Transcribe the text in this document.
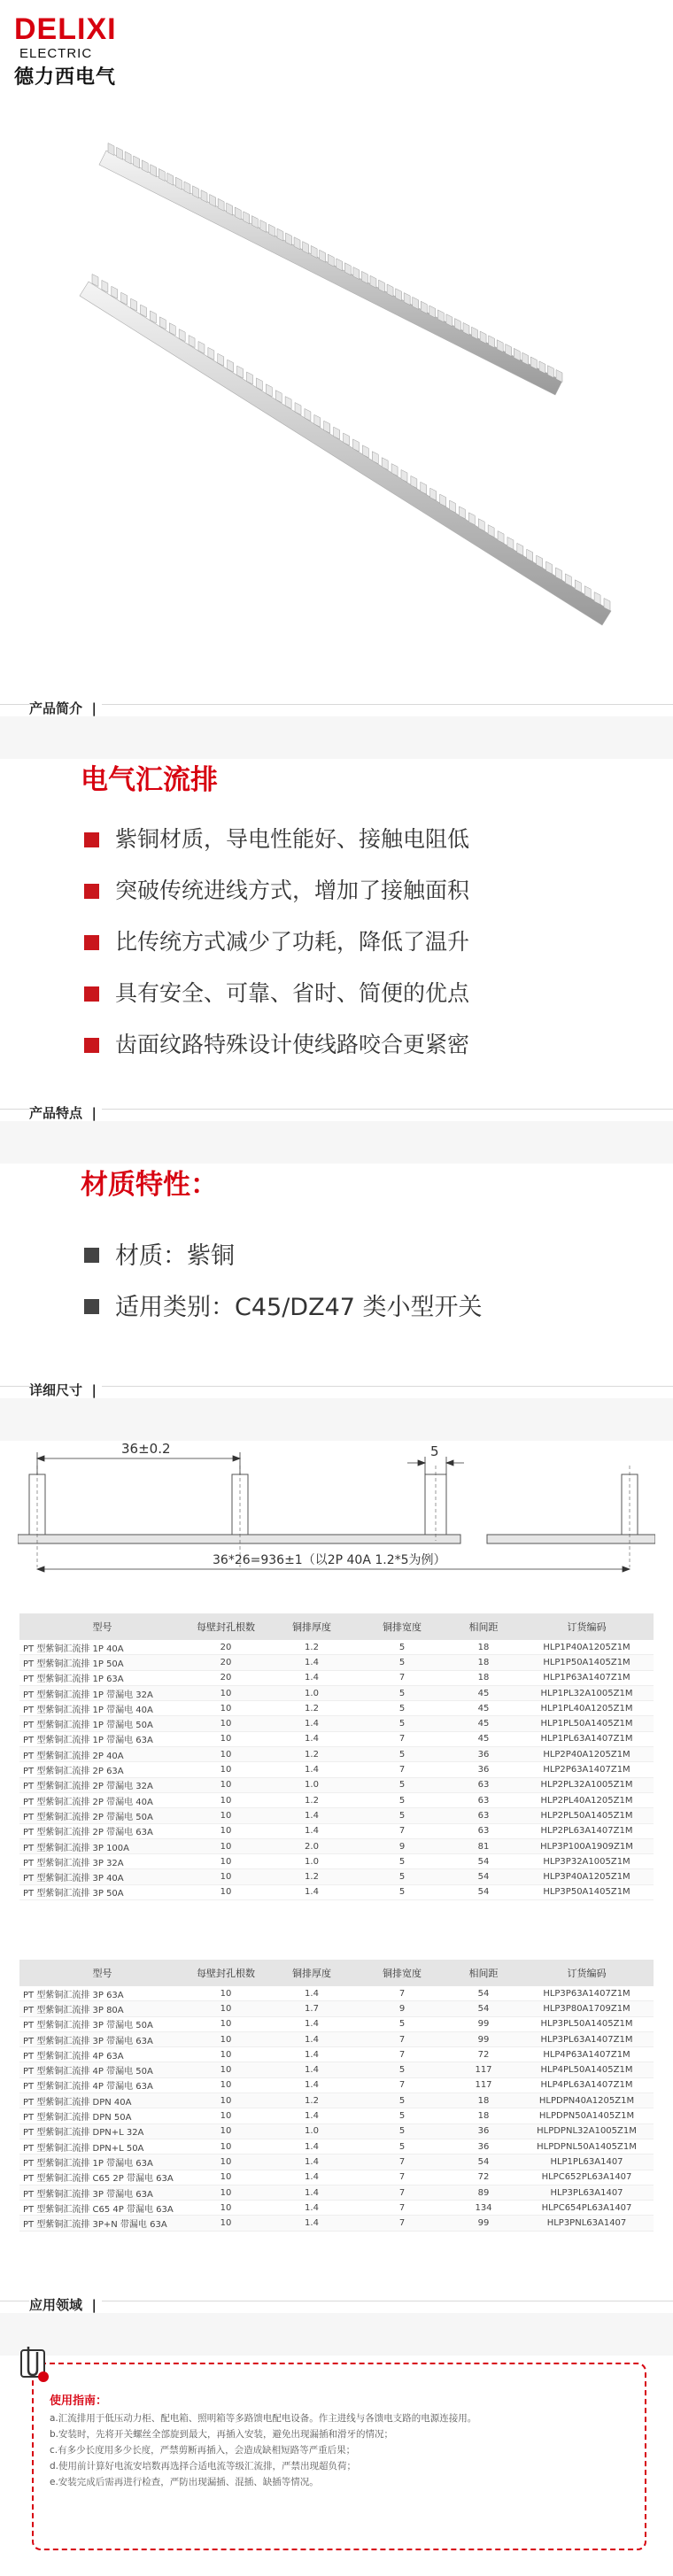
DELIXI
ELECTRIC
德力西电气
产品简介  |
电气汇流排
紫铜材质，导电性能好、接触电阻低
突破传统进线方式，增加了接触面积
比传统方式减少了功耗，降低了温升
具有安全、可靠、省时、简便的优点
齿面纹路特殊设计使线路咬合更紧密
产品特点  |
材质特性：
材质：紫铜
适用类别：C45/DZ47 类小型开关
详细尺寸  |
36±0.2	5
36*26=936±1（以2P 40A 1.2*5为例）
型号	每壁封孔根数	铜排厚度	铜排宽度	相间距	订货编码
PT 型紫铜汇流排 1P 40A	20	1.2	5	18	HLP1P40A1205Z1M
PT 型紫铜汇流排 1P 50A	20	1.4	5	18	HLP1P50A1405Z1M
PT 型紫铜汇流排 1P 63A	20	1.4	7	18	HLP1P63A1407Z1M
PT 型紫铜汇流排 1P 带漏电 32A	10	1.0	5	45	HLP1PL32A1005Z1M
PT 型紫铜汇流排 1P 带漏电 40A	10	1.2	5	45	HLP1PL40A1205Z1M
PT 型紫铜汇流排 1P 带漏电 50A	10	1.4	5	45	HLP1PL50A1405Z1M
PT 型紫铜汇流排 1P 带漏电 63A	10	1.4	7	45	HLP1PL63A1407Z1M
PT 型紫铜汇流排 2P 40A	10	1.2	5	36	HLP2P40A1205Z1M
PT 型紫铜汇流排 2P 63A	10	1.4	7	36	HLP2P63A1407Z1M
PT 型紫铜汇流排 2P 带漏电 32A	10	1.0	5	63	HLP2PL32A1005Z1M
PT 型紫铜汇流排 2P 带漏电 40A	10	1.2	5	63	HLP2PL40A1205Z1M
PT 型紫铜汇流排 2P 带漏电 50A	10	1.4	5	63	HLP2PL50A1405Z1M
PT 型紫铜汇流排 2P 带漏电 63A	10	1.4	7	63	HLP2PL63A1407Z1M
PT 型紫铜汇流排 3P 100A	10	2.0	9	81	HLP3P100A1909Z1M
PT 型紫铜汇流排 3P 32A	10	1.0	5	54	HLP3P32A1005Z1M
PT 型紫铜汇流排 3P 40A	10	1.2	5	54	HLP3P40A1205Z1M
PT 型紫铜汇流排 3P 50A	10	1.4	5	54	HLP3P50A1405Z1M
型号	每壁封孔根数	铜排厚度	铜排宽度	相间距	订货编码
PT 型紫铜汇流排 3P 63A	10	1.4	7	54	HLP3P63A1407Z1M
PT 型紫铜汇流排 3P 80A	10	1.7	9	54	HLP3P80A1709Z1M
PT 型紫铜汇流排 3P 带漏电 50A	10	1.4	5	99	HLP3PL50A1405Z1M
PT 型紫铜汇流排 3P 带漏电 63A	10	1.4	7	99	HLP3PL63A1407Z1M
PT 型紫铜汇流排 4P 63A	10	1.4	7	72	HLP4P63A1407Z1M
PT 型紫铜汇流排 4P 带漏电 50A	10	1.4	5	117	HLP4PL50A1405Z1M
PT 型紫铜汇流排 4P 带漏电 63A	10	1.4	7	117	HLP4PL63A1407Z1M
PT 型紫铜汇流排 DPN 40A	10	1.2	5	18	HLPDPN40A1205Z1M
PT 型紫铜汇流排 DPN 50A	10	1.4	5	18	HLPDPN50A1405Z1M
PT 型紫铜汇流排 DPN+L 32A	10	1.0	5	36	HLPDPNL32A1005Z1M
PT 型紫铜汇流排 DPN+L 50A	10	1.4	5	36	HLPDPNL50A1405Z1M
PT 型紫铜汇流排 1P 带漏电 63A	10	1.4	7	54	HLP1PL63A1407
PT 型紫铜汇流排 C65 2P 带漏电 63A	10	1.4	7	72	HLPC652PL63A1407
PT 型紫铜汇流排 3P 带漏电 63A	10	1.4	7	89	HLP3PL63A1407
PT 型紫铜汇流排 C65 4P 带漏电 63A	10	1.4	7	134	HLPC654PL63A1407
PT 型紫铜汇流排 3P+N 带漏电 63A	10	1.4	7	99	HLP3PNL63A1407
应用领域  |
使用指南：
a.汇流排用于低压动力柜、配电箱、照明箱等多路馈电配电设备。作主进线与各馈电支路的电源连接用。
b.安装时，先将开关螺丝全部旋到最大，再插入安装，避免出现漏插和滑牙的情况；
c.有多少长度用多少长度，严禁剪断再插入，会造成缺相短路等严重后果；
d.使用前计算好电流安培数再选择合适电流等级汇流排，严禁出现超负荷；
e.安装完成后需再进行检查，严防出现漏插、混插、缺插等情况。
